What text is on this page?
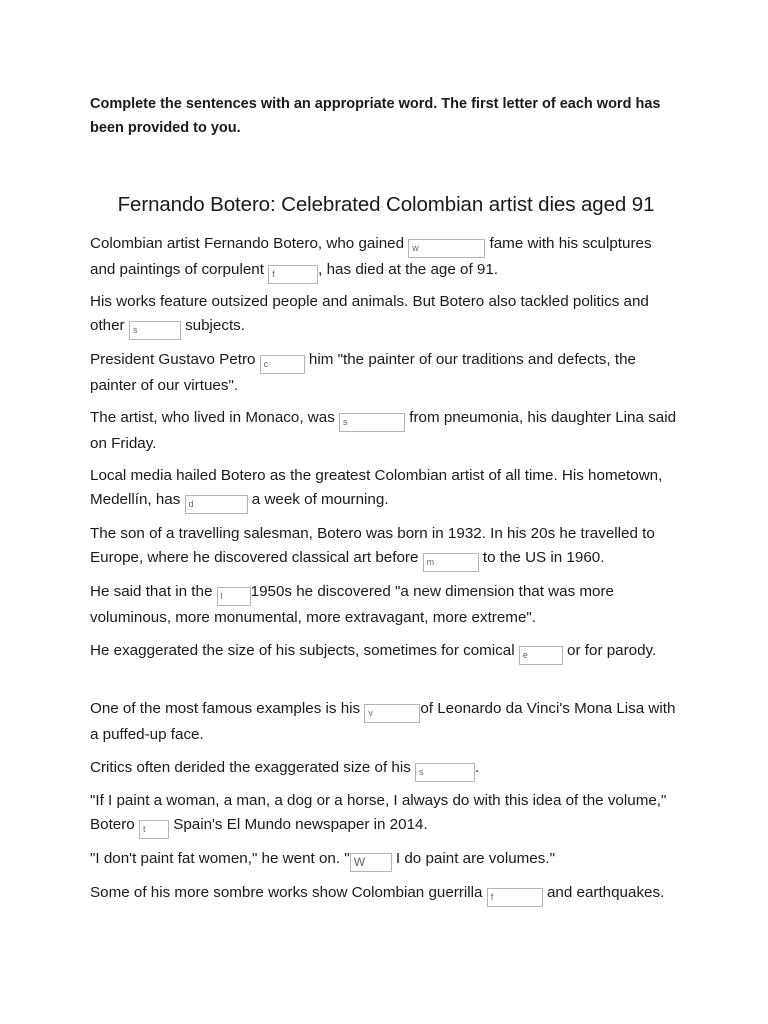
Complete the sentences with an appropriate word. The first letter of each word has been provided to you.
Fernando Botero: Celebrated Colombian artist dies aged 91
Colombian artist Fernando Botero, who gained w	fame with his sculptures and paintings of corpulent f	, has died at the age of 91.
His works feature outsized people and animals. But Botero also tackled politics and other s	subjects.
President Gustavo Petro c him "the painter of our traditions and defects, the painter of our virtues".
The artist, who lived in Monaco, was s	from pneumonia, his daughter Lina said on Friday.
Local media hailed Botero as the greatest Colombian artist of all time. His hometown, Medellín, has d	a week of mourning.
The son of a travelling salesman, Botero was born in 1932. In his 20s he travelled to Europe, where he discovered classical art before m	to the US in 1960.
He said that in the l 1950s he discovered "a new dimension that was more voluminous, more monumental, more extravagant, more extreme".
He exaggerated the size of his subjects, sometimes for comical e or for parody.
One of the most famous examples is his v	of Leonardo da Vinci's Mona Lisa with a puffed-up face.
Critics often derided the exaggerated size of his s	.
"If I paint a woman, a man, a dog or a horse, I always do with this idea of the volume," Botero t Spain's El Mundo newspaper in 2014.
"I don't paint fat women," he went on. " W I do paint are volumes."
Some of his more sombre works show Colombian guerrilla f	and earthquakes.
